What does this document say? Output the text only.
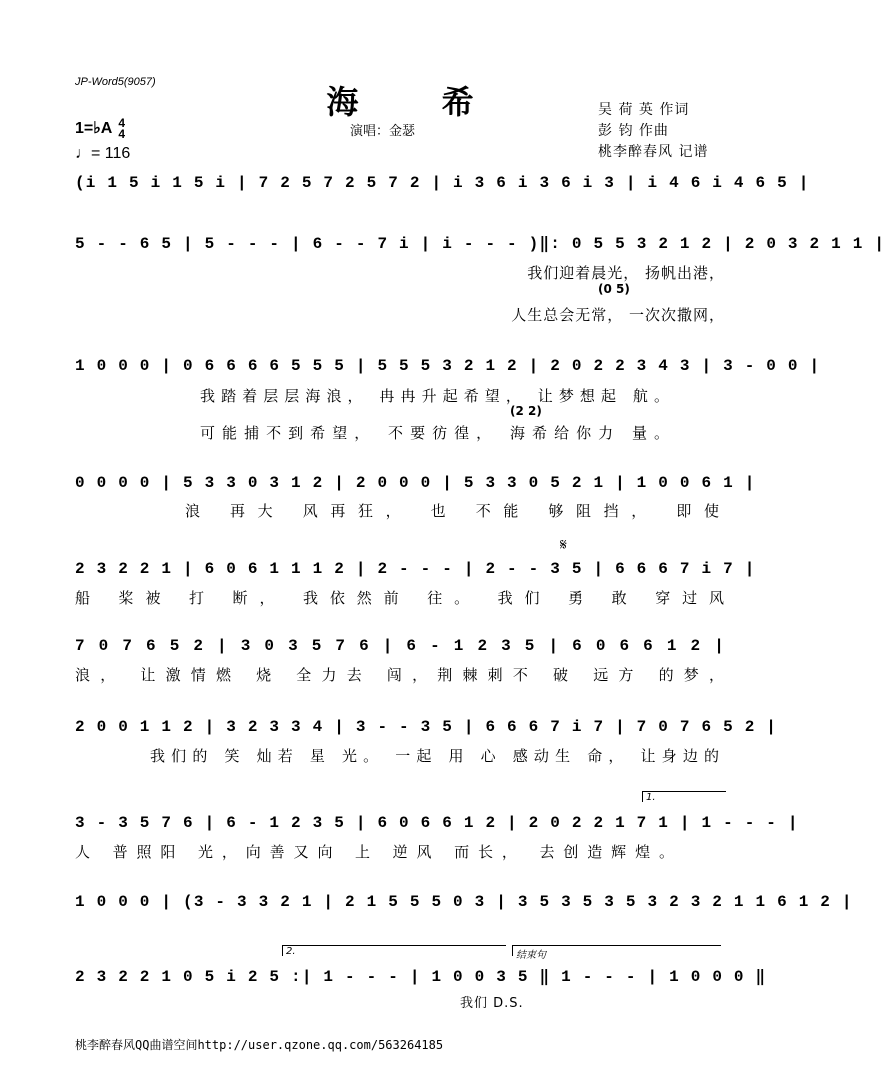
JP-Word5(9057)
海 希
演唱：金瑟
吴 荷 英 作词
彭 钧 作曲
桃李醉春风 记谱
1=♭A 4
4
♩= 116
(i 1 5 i 1 5 i | 7 2 5 7 2 5 7 2 | i 3 6 i 3 6 i 3 | i 4 6 i 4 6 5 |
5 - - 6 5 | 5 - - - | 6 - - 7 i | i - - - )‖: 0 5 5 3 2 1 2 | 2 0 3 2 1 1 |
我们迎着晨光， 扬帆出港，
(0 5)
人生总会无常， 一次次撒网，
1 0 0 0 | 0 6 6 6 6 5 5 5 | 5 5 5 3 2 1 2 | 2 0 2 2 3 4 3 | 3 - 0 0 |
我踏着层层海浪， 冉冉升起希望， 让梦想起 航。
(2 2)
可能捕不到希望， 不要彷徨， 海希给你力 量。
0 0 0 0 | 5 3 3 0 3 1 2 | 2 0 0 0 | 5 3 3 0 5 2 1 | 1 0 0 6 1 |
浪 再大 风再狂， 也 不能 够阻挡， 即使
𝄋
2 3 2 2 1 | 6 0 6 1 1 1 2 | 2 - - - | 2 - - 3 5 | 6 6 6 7 i 7 |
船 桨被 打 断， 我依然前 往。 我们 勇 敢 穿过风
7 0 7 6 5 2 | 3 0 3 5 7 6 | 6 - 1 2 3 5 | 6 0 6 6 1 2 |
浪， 让激情燃 烧 全力去 闯，荆棘刺不 破 远方 的梦，
2 0 0 1 1 2 | 3 2 3 3 4 | 3 - - 3 5 | 6 6 6 7 i 7 | 7 0 7 6 5 2 |
我们的 笑 灿若 星 光。 一起 用 心 感动生 命， 让身边的
1.
3 - 3 5 7 6 | 6 - 1 2 3 5 | 6 0 6 6 1 2 | 2 0 2 2 1 7 1 | 1 - - - |
人 普照阳 光，向善又向 上 逆风 而长， 去创造辉煌。
1 0 0 0 | (3 - 3 3 2 1 | 2 1 5 5 5 0 3 | 3 5 3 5 3 5 3 2 3 2 1 1 6 1 2 |
2.	结束句
2 3 2 2 1 0 5 i 2 5 :| 1 - - - | 1 0 0 3 5 ‖ 1 - - - | 1 0 0 0 ‖
我们 D.S.
桃李醉春风QQ曲谱空间http://user.qzone.qq.com/563264185
